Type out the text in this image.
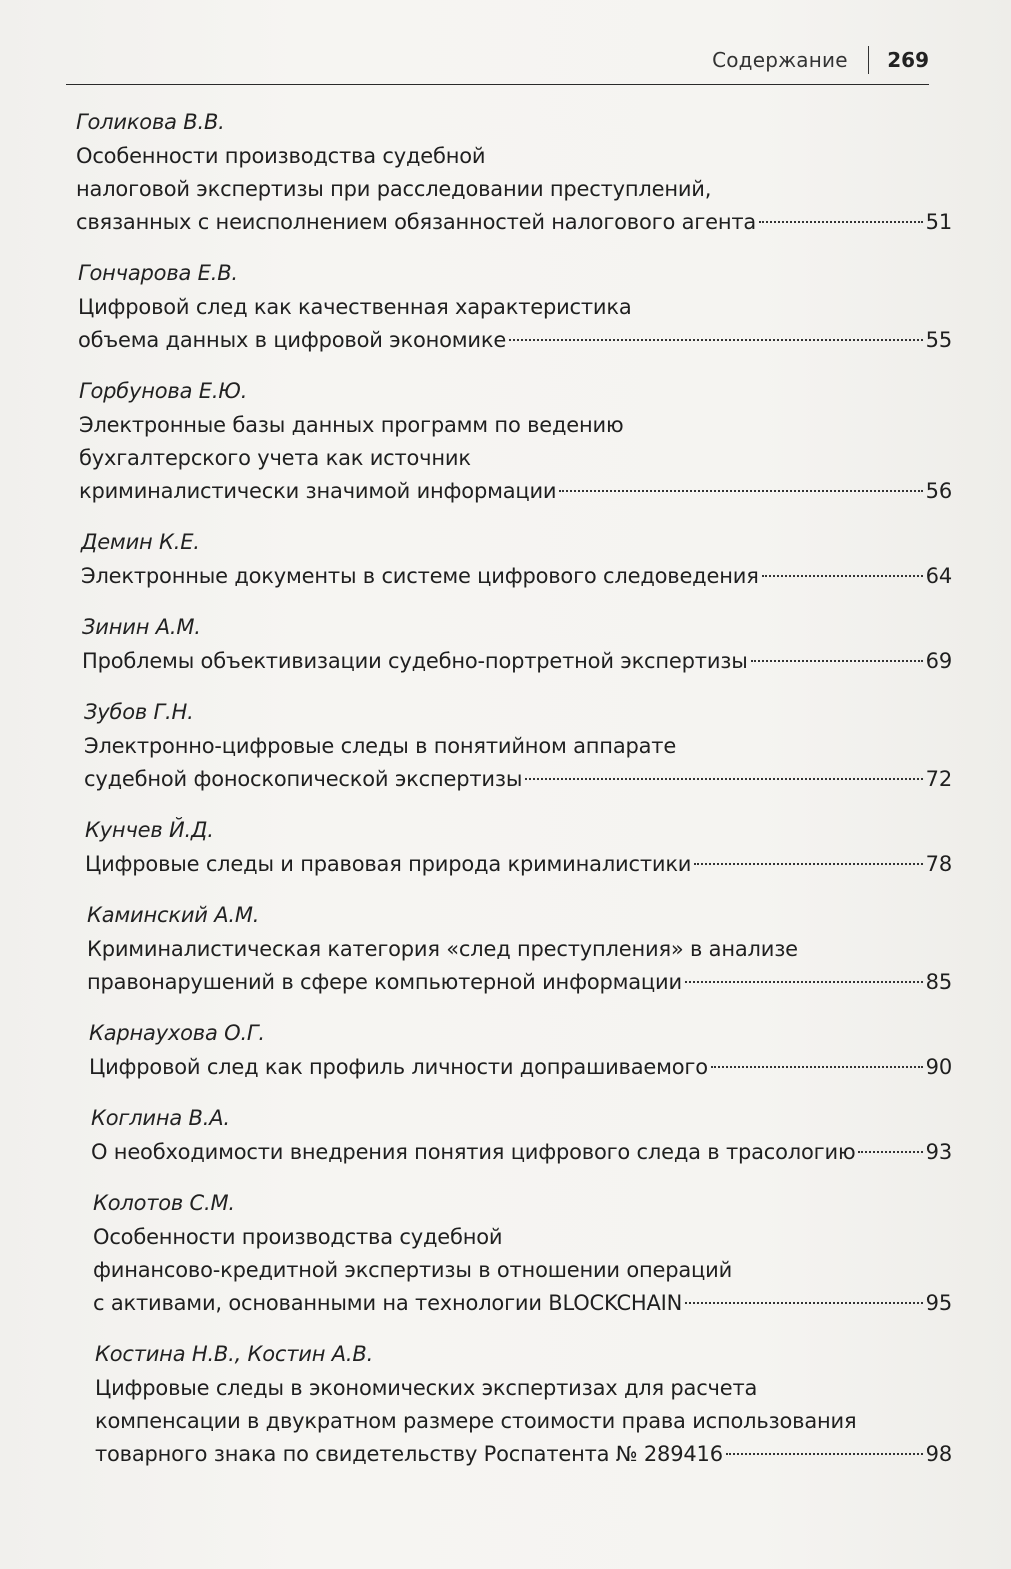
Содержание 269
Голикова В.В.
Особенности производства судебной
налоговой экспертизы при расследовании преступлений,
связанных с неисполнением обязанностей налогового агента	51
Гончарова Е.В.
Цифровой след как качественная характеристика
объема данных в цифровой экономике	55
Горбунова Е.Ю.
Электронные базы данных программ по ведению
бухгалтерского учета как источник
криминалистически значимой информации	56
Демин К.Е.
Электронные документы в системе цифрового следоведения	64
Зинин А.М.
Проблемы объективизации судебно-портретной экспертизы	69
Зубов Г.Н.
Электронно-цифровые следы в понятийном аппарате
судебной фоноскопической экспертизы	72
Кунчев Й.Д.
Цифровые следы и правовая природа криминалистики	78
Каминский А.М.
Криминалистическая категория «след преступления» в анализе
правонарушений в сфере компьютерной информации	85
Карнаухова О.Г.
Цифровой след как профиль личности допрашиваемого	90
Коглина В.А.
О необходимости внедрения понятия цифрового следа в трасологию	93
Колотов С.М.
Особенности производства судебной
финансово-кредитной экспертизы в отношении операций
с активами, основанными на технологии BLOCKCHAIN	95
Костина Н.В., Костин А.В.
Цифровые следы в экономических экспертизах для расчета
компенсации в двукратном размере стоимости права использования
товарного знака по свидетельству Роспатента № 289416	98
